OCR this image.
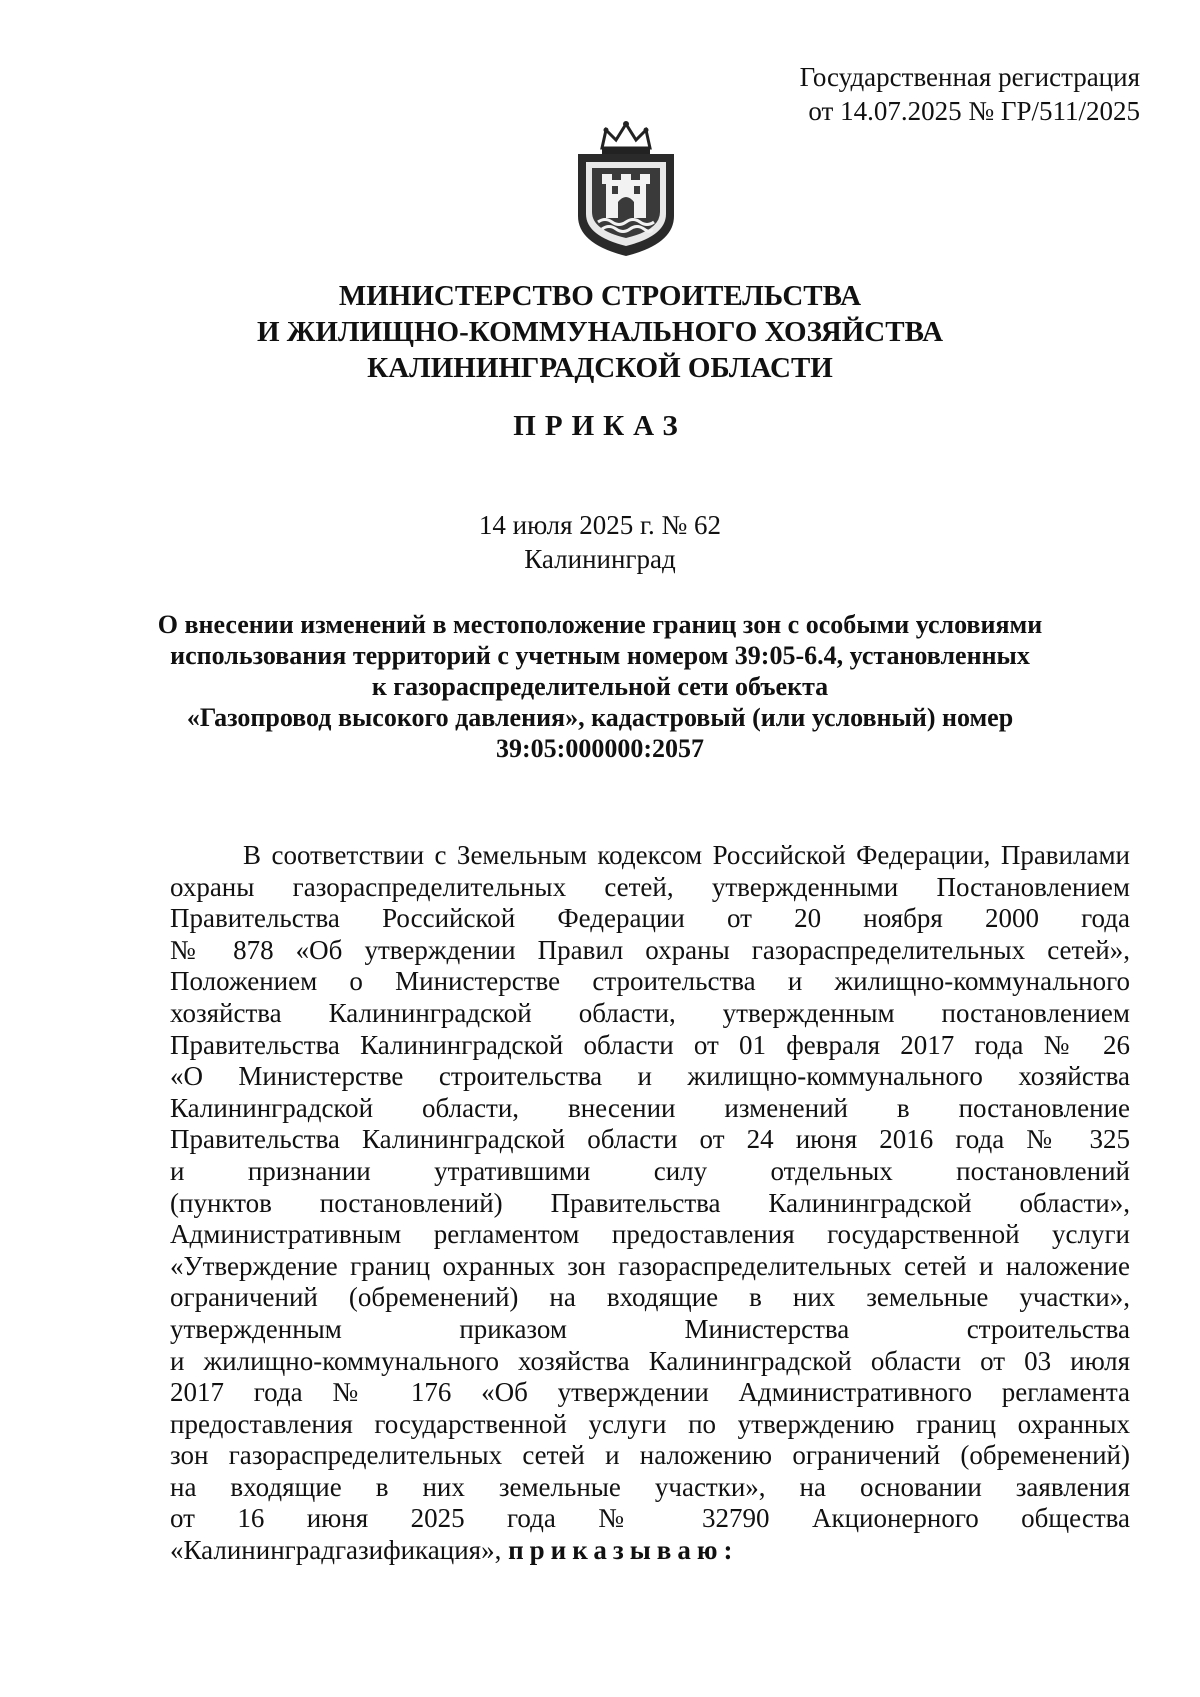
Государственная регистрация
от 14.07.2025 № ГР/511/2025
МИНИСТЕРСТВО СТРОИТЕЛЬСТВА
И ЖИЛИЩНО-КОММУНАЛЬНОГО ХОЗЯЙСТВА
КАЛИНИНГРАДСКОЙ ОБЛАСТИ
ПРИКАЗ
14 июля 2025 г. № 62
Калининград
О внесении изменений в местоположение границ зон с особыми условиями
использования территорий с учетным номером 39:05-6.4, установленных
к газораспределительной сети объекта
«Газопровод высокого давления», кадастровый (или условный) номер
39:05:000000:2057
В соответствии с Земельным кодексом Российской Федерации, Правилами
охраны газораспределительных сетей, утвержденными Постановлением
Правительства Российской Федерации от 20 ноября 2000 года
№ 878 «Об утверждении Правил охраны газораспределительных сетей»,
Положением о Министерстве строительства и жилищно-коммунального
хозяйства Калининградской области, утвержденным постановлением
Правительства Калининградской области от 01 февраля 2017 года № 26
«О Министерстве строительства и жилищно-коммунального хозяйства
Калининградской области, внесении изменений в постановление
Правительства Калининградской области от 24 июня 2016 года № 325
и признании утратившими силу отдельных постановлений
(пунктов постановлений) Правительства Калининградской области»,
Административным регламентом предоставления государственной услуги
«Утверждение границ охранных зон газораспределительных сетей и наложение
ограничений (обременений) на входящие в них земельные участки»,
утвержденным приказом Министерства строительства
и жилищно-коммунального хозяйства Калининградской области от 03 июля
2017 года № 176 «Об утверждении Административного регламента
предоставления государственной услуги по утверждению границ охранных
зон газораспределительных сетей и наложению ограничений (обременений)
на входящие в них земельные участки», на основании заявления
от 16 июня 2025 года № 32790 Акционерного общества
«Калининградгазификация», приказываю:
